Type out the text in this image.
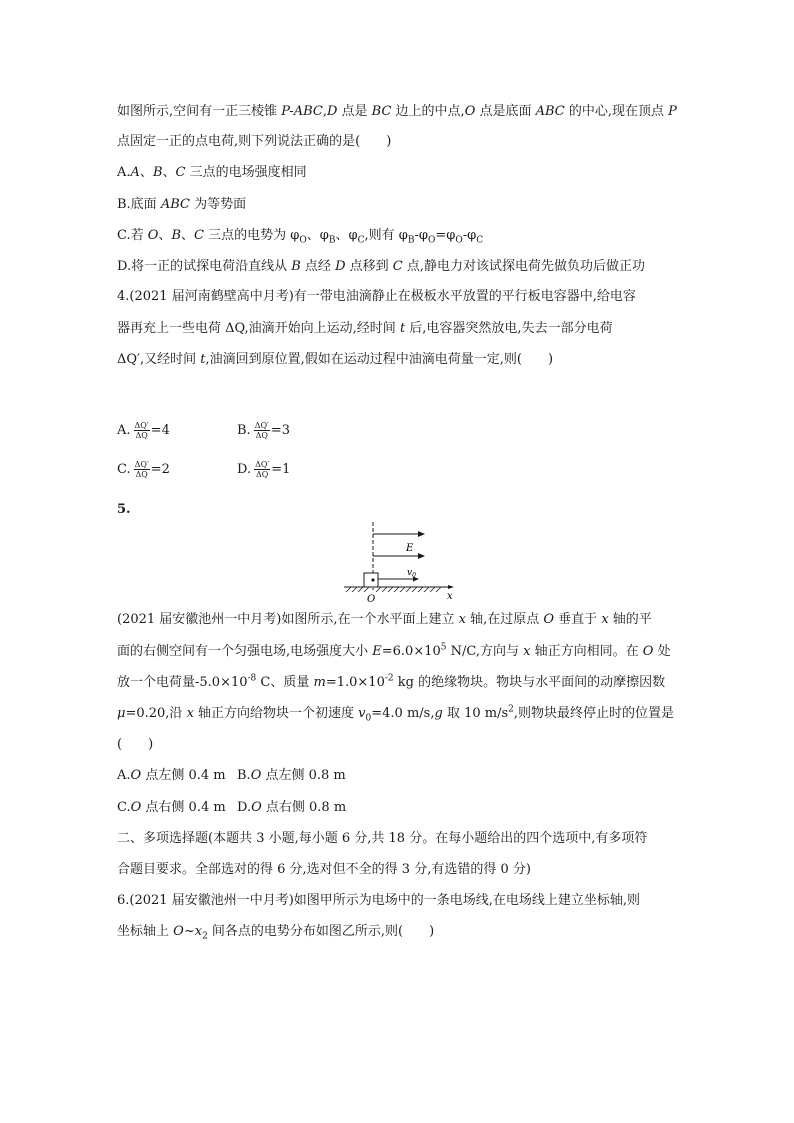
如图所示,空间有一正三棱锥 P-ABC,D 点是 BC 边上的中点,O 点是底面 ABC 的中心,现在顶点 P
点固定一正的点电荷,则下列说法正确的是(　　)
A.A、B、C 三点的电场强度相同
B.底面 ABC 为等势面
C.若 O、B、C 三点的电势为 $\varphi_O$、$\varphi_B$、$\varphi_C$,则有 $\varphi_B-\varphi_O=\varphi_O-\varphi_C$
D.将一正的试探电荷沿直线从 B 点经 D 点移到 C 点,静电力对该试探电荷先做负功后做正功
4.(2021 届河南鹤壁高中月考)有一带电油滴静止在极板水平放置的平行板电容器中,给电容
器再充上一些电荷 ΔQ,油滴开始向上运动,经时间 t 后,电容器突然放电,失去一部分电荷
ΔQ′,又经时间 t,油滴回到原位置,假如在运动过程中油滴电荷量一定,则(　　)
A. $\frac{\Delta Q'}{\Delta Q} =4$	B. $\frac{\Delta Q'}{\Delta Q} =3$
C. $\frac{\Delta Q'}{\Delta Q} =2$	D. $\frac{\Delta Q'}{\Delta Q} =1$
5.
E
$v_0$
O	x
(2021 届安徽池州一中月考)如图所示,在一个水平面上建立 x 轴,在过原点 O 垂直于 x 轴的平
面的右侧空间有一个匀强电场,电场强度大小 $E=6.0\times 10^5$ N/C,方向与 x 轴正方向相同。在 O 处
放一个电荷量$-5.0\times 10^{-8}$ C、质量 $m=1.0\times 10^{-2}$ kg 的绝缘物块。物块与水平面间的动摩擦因数
μ=0.20,沿 x 轴正方向给物块一个初速度 $v_0=4.0$ m/s,g 取 10 $m/s^2$,则物块最终停止时的位置是
(　　)
A.O 点左侧 0.4 m B.O 点左侧 0.8 m
C.O 点右侧 0.4 m D.O 点右侧 0.8 m
二、多项选择题(本题共 3 小题,每小题 6 分,共 18 分。在每小题给出的四个选项中,有多项符
合题目要求。全部选对的得 6 分,选对但不全的得 3 分,有选错的得 0 分)
6.(2021 届安徽池州一中月考)如图甲所示为电场中的一条电场线,在电场线上建立坐标轴,则
坐标轴上 $O\sim x_2$ 间各点的电势分布如图乙所示,则(　　)
